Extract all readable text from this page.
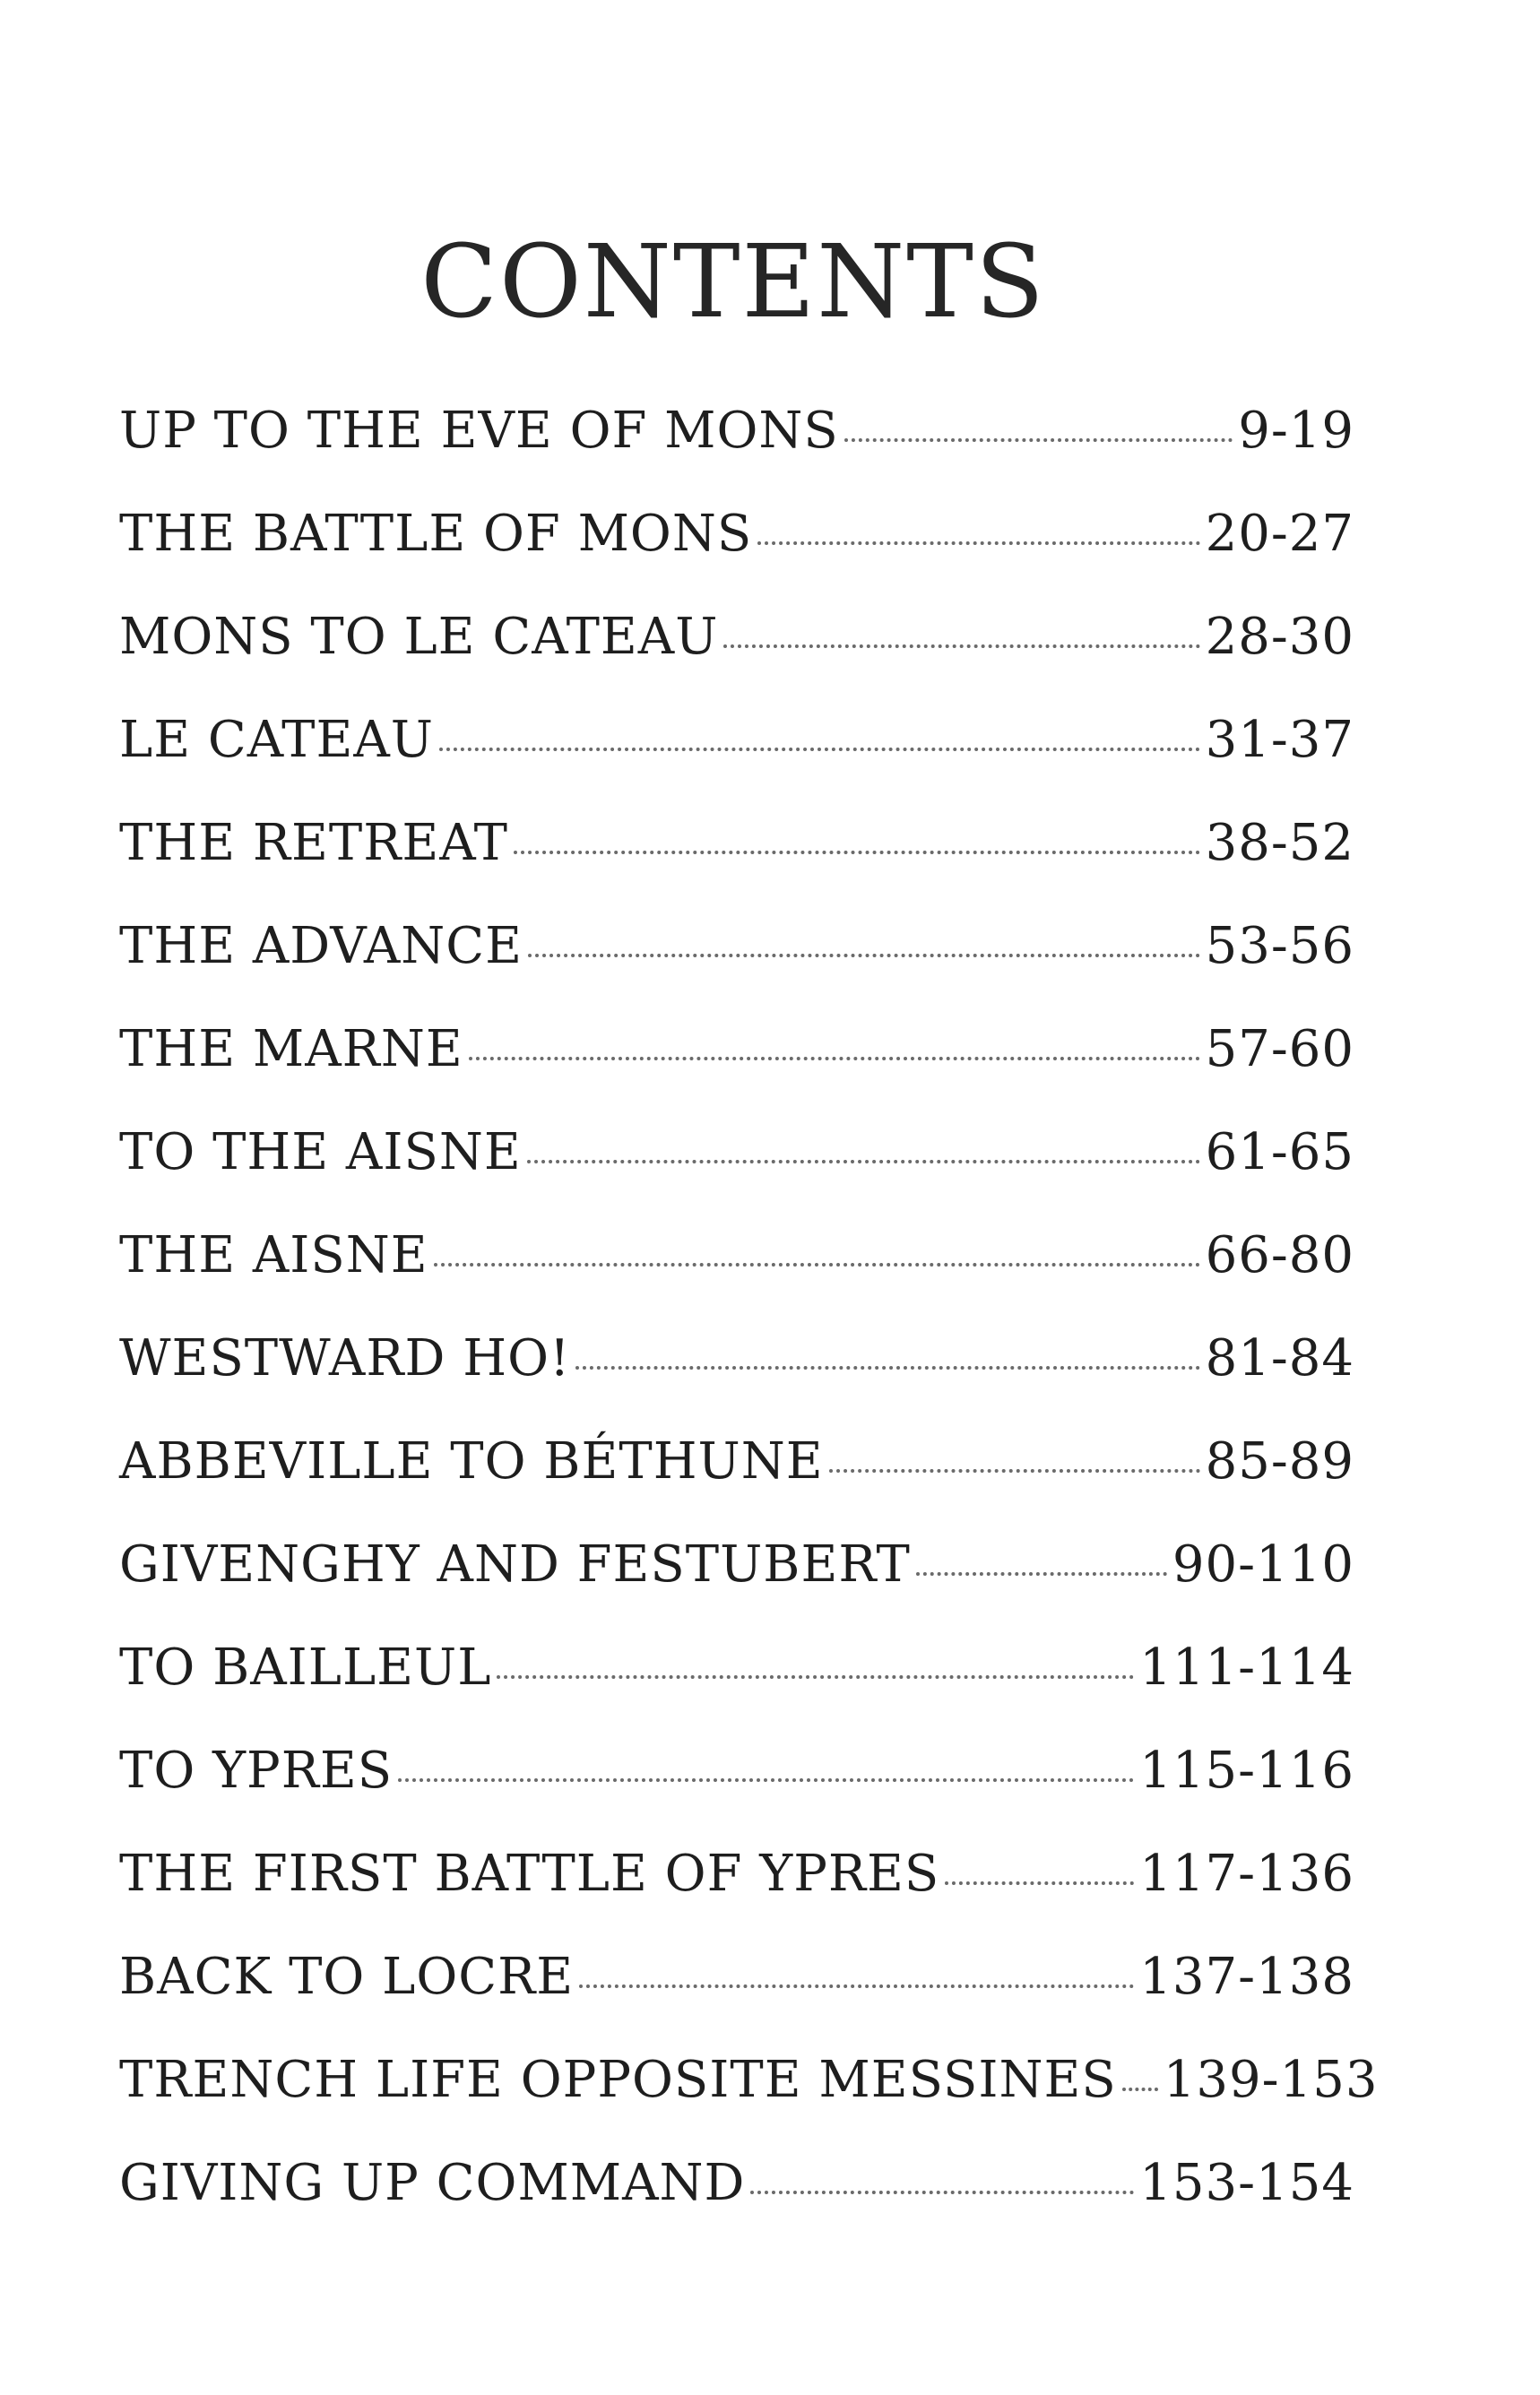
CONTENTS
UP TO THE EVE OF MONS	9-19
THE BATTLE OF MONS	20-27
MONS TO LE CATEAU	28-30
LE CATEAU	31-37
THE RETREAT	38-52
THE ADVANCE	53-56
THE MARNE	57-60
TO THE AISNE	61-65
THE AISNE	66-80
WESTWARD HO!	81-84
ABBEVILLE TO BÉTHUNE	85-89
GIVENGHY AND FESTUBERT	90-110
TO BAILLEUL	111-114
TO YPRES	115-116
THE FIRST BATTLE OF YPRES	117-136
BACK TO LOCRE	137-138
TRENCH LIFE OPPOSITE MESSINES 139-153
GIVING UP COMMAND	153-154
